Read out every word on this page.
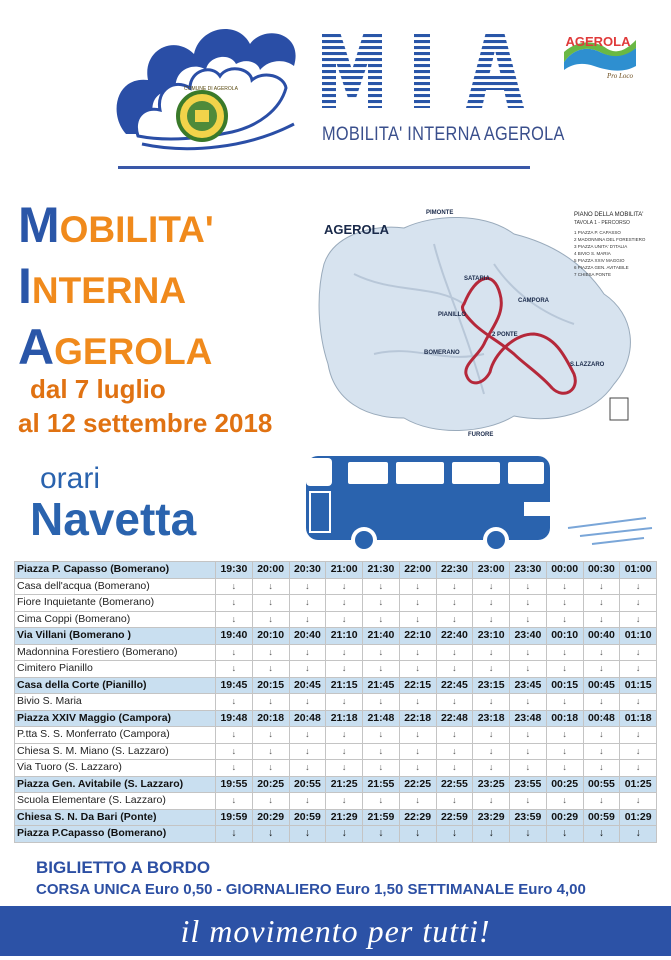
COMUNE DI AGEROLA
MOBILITA' INTERNA AGEROLA
AGEROLA
Pro Loco
MOBILITA'
INTERNA
AGEROLA
dal 7 luglio
al 12 settembre 2018
AGEROLA
PIANO DELLA MOBILITA'
TAVOLA 1 - PERCORSO
1 PIAZZA P. CAPASSO
2 MADONNINA DEL FORESTIERO
3 PIAZZA UNITA' D'ITALIA
4 BIVIO S. MARIA
5 PIAZZA XXIV MAGGIO
6 PIAZZA GEN. AVITABILE
7 CHIESA PONTE
PIMONTE
SATARIA
CAMPORA
PIANILLO
2 PONTE
BOMERANO
S.LAZZARO
FURORE
orari
Navetta
Piazza P. Capasso (Bomerano)	19:30	20:00	20:30	21:00	21:30	22:00	22:30	23:00	23:30	00:00	00:30	01:00
Casa dell'acqua (Bomerano)	↓	↓	↓	↓	↓	↓	↓	↓	↓	↓	↓	↓
Fiore Inquietante (Bomerano)	↓	↓	↓	↓	↓	↓	↓	↓	↓	↓	↓	↓
Cima Coppi (Bomerano)	↓	↓	↓	↓	↓	↓	↓	↓	↓	↓	↓	↓
Via Villani (Bomerano )	19:40	20:10	20:40	21:10	21:40	22:10	22:40	23:10	23:40	00:10	00:40	01:10
Madonnina Forestiero (Bomerano)	↓	↓	↓	↓	↓	↓	↓	↓	↓	↓	↓	↓
Cimitero Pianillo	↓	↓	↓	↓	↓	↓	↓	↓	↓	↓	↓	↓
Casa della Corte (Pianillo)	19:45	20:15	20:45	21:15	21:45	22:15	22:45	23:15	23:45	00:15	00:45	01:15
Bivio S. Maria	↓	↓	↓	↓	↓	↓	↓	↓	↓	↓	↓	↓
Piazza XXIV Maggio (Campora)	19:48	20:18	20:48	21:18	21:48	22:18	22:48	23:18	23:48	00:18	00:48	01:18
P.tta S. S. Monferrato (Campora)	↓	↓	↓	↓	↓	↓	↓	↓	↓	↓	↓	↓
Chiesa S. M. Miano (S. Lazzaro)	↓	↓	↓	↓	↓	↓	↓	↓	↓	↓	↓	↓
Via Tuoro (S. Lazzaro)	↓	↓	↓	↓	↓	↓	↓	↓	↓	↓	↓	↓
Piazza Gen. Avitabile (S. Lazzaro)	19:55	20:25	20:55	21:25	21:55	22:25	22:55	23:25	23:55	00:25	00:55	01:25
Scuola Elementare (S. Lazzaro)	↓	↓	↓	↓	↓	↓	↓	↓	↓	↓	↓	↓
Chiesa S. N. Da Bari (Ponte)	19:59	20:29	20:59	21:29	21:59	22:29	22:59	23:29	23:59	00:29	00:59	01:29
Piazza P.Capasso (Bomerano)	↓	↓	↓	↓	↓	↓	↓	↓	↓	↓	↓	↓
BIGLIETTO A BORDO
CORSA UNICA Euro 0,50 - GIORNALIERO Euro 1,50 SETTIMANALE Euro 4,00
il movimento per tutti!
